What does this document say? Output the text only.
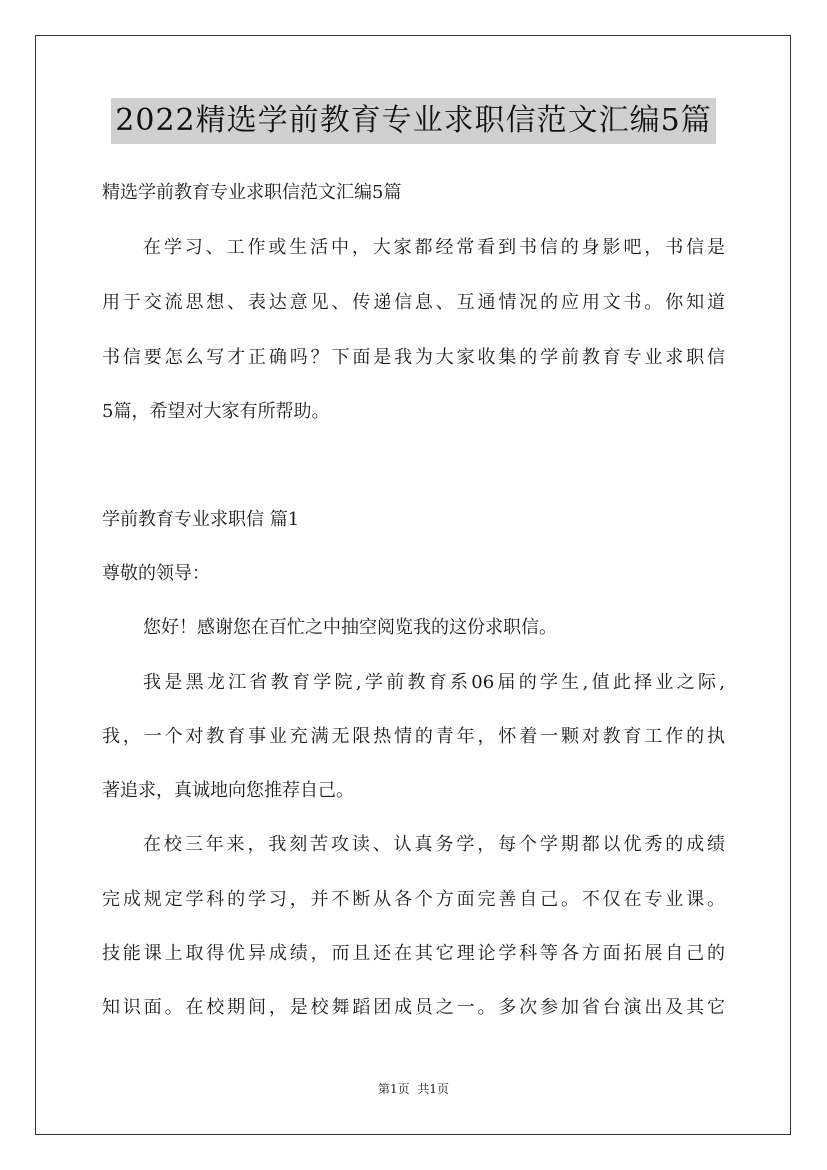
2022精选学前教育专业求职信范文汇编5篇
精选学前教育专业求职信范文汇编5篇
在学习、工作或生活中，大家都经常看到书信的身影吧，书信是
用于交流思想、表达意见、传递信息、互通情况的应用文书。你知道
书信要怎么写才正确吗？下面是我为大家收集的学前教育专业求职信
5篇，希望对大家有所帮助。
学前教育专业求职信 篇1
尊敬的领导：
您好！感谢您在百忙之中抽空阅览我的这份求职信。
我是黑龙江省教育学院,学前教育系06届的学生,值此择业之际,
我，一个对教育事业充满无限热情的青年，怀着一颗对教育工作的执
著追求，真诚地向您推荐自己。
在校三年来，我刻苦攻读、认真务学，每个学期都以优秀的成绩
完成规定学科的学习，并不断从各个方面完善自己。不仅在专业课。
技能课上取得优异成绩，而且还在其它理论学科等各方面拓展自己的
知识面。在校期间，是校舞蹈团成员之一。多次参加省台演出及其它
第1页 共1页
